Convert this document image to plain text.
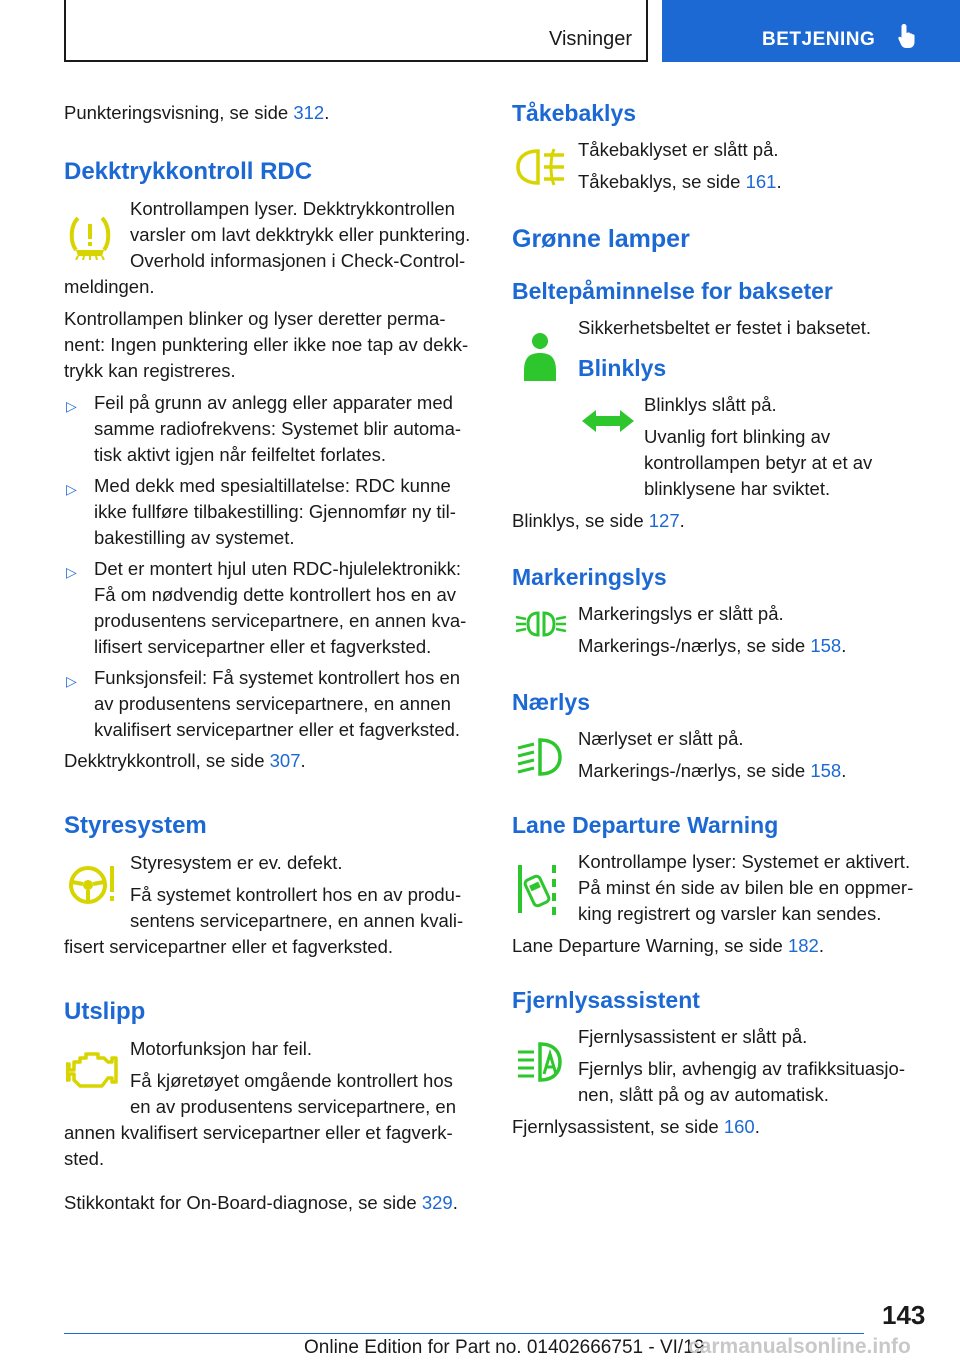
Visninger	BETJENING

Punkteringsvisning, se side 312.

Dekktrykkontroll RDC

Kontrollampen lyser. Dekktrykkontrollen varsler om lavt dekktrykk eller punktering. Overhold informasjonen i Check-Control-meldingen.

Kontrollampen blinker og lyser deretter permanent: Ingen punktering eller ikke noe tap av dekktrykk kan registreres.

▷ Feil på grunn av anlegg eller apparater med samme radiofrekvens: Systemet blir automatisk aktivt igjen når feilfeltet forlates.
▷ Med dekk med spesialtillatelse: RDC kunne ikke fullføre tilbakestilling: Gjennomfør ny tilbakestilling av systemet.
▷ Det er montert hjul uten RDC-hjulelektronikk: Få om nødvendig dette kontrollert hos en av produsentens servicepartnere, en annen kvalifisert servicepartner eller et fagverksted.
▷ Funksjonsfeil: Få systemet kontrollert hos en av produsentens servicepartnere, en annen kvalifisert servicepartner eller et fagverksted.

Dekktrykkontroll, se side 307.

Styresystem

Styresystem er ev. defekt.

Få systemet kontrollert hos en av produsentens servicepartnere, en annen kvalifisert servicepartner eller et fagverksted.

Utslipp

Motorfunksjon har feil.

Få kjøretøyet omgående kontrollert hos en av produsentens servicepartnere, en annen kvalifisert servicepartner eller et fagverksted.

Stikkontakt for On-Board-diagnose, se side 329.

Tåkebaklys

Tåkebaklyset er slått på.

Tåkebaklys, se side 161.

Grønne lamper
Beltepåminnelse for bakseter

Sikkerhetsbeltet er festet i baksetet.

Blinklys

Blinklys slått på.

Uvanlig fort blinking av kontrollampen betyr at et av blinklysene har sviktet.

Blinklys, se side 127.

Markeringslys

Markeringslys er slått på.

Markerings-/nærlys, se side 158.

Nærlys

Nærlyset er slått på.

Markerings-/nærlys, se side 158.

Lane Departure Warning

Kontrollampe lyser: Systemet er aktivert. På minst én side av bilen ble en oppmerking registrert og varsler kan sendes.

Lane Departure Warning, se side 182.

Fjernlysassistent

Fjernlysassistent er slått på.

Fjernlys blir, avhengig av trafikksituasjonen, slått på og av automatisk.

Fjernlysassistent, se side 160.

143
Online Edition for Part no. 01402666751 - VI/19
carmanualsonline.info
